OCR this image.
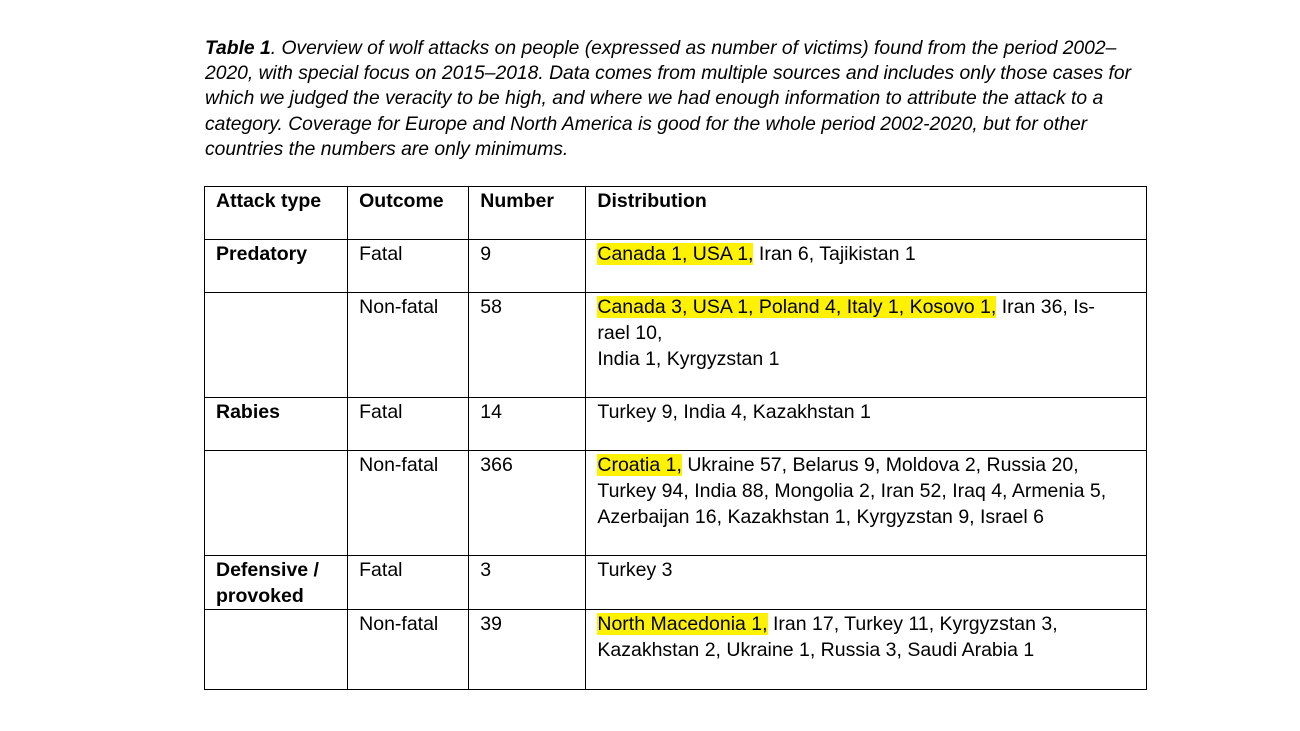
Table 1. Overview of wolf attacks on people (expressed as number of victims) found from the period 2002–2020, with special focus on 2015–2018. Data comes from multiple sources and includes only those cases for which we judged the veracity to be high, and where we had enough information to attribute the attack to a category. Coverage for Europe and North America is good for the whole period 2002-2020, but for other countries the numbers are only minimums.

Attack type	Outcome	Number	Distribution
Predatory	Fatal	9	Canada 1, USA 1, Iran 6, Tajikistan 1
	Non-fatal	58	Canada 3, USA 1, Poland 4, Italy 1, Kosovo 1, Iran 36, Is-
rael 10,
India 1, Kyrgyzstan 1
Rabies	Fatal	14	Turkey 9, India 4, Kazakhstan 1
	Non-fatal	366	Croatia 1, Ukraine 57, Belarus 9, Moldova 2, Russia 20, Turkey 94, India 88, Mongolia 2, Iran 52, Iraq 4, Armenia 5, Azerbaijan 16, Kazakhstan 1, Kyrgyzstan 9, Israel 6
Defensive / provoked	Fatal	3	Turkey 3
	Non-fatal	39	North Macedonia 1, Iran 17, Turkey 11, Kyrgyzstan 3, Kazakhstan 2, Ukraine 1, Russia 3, Saudi Arabia 1
